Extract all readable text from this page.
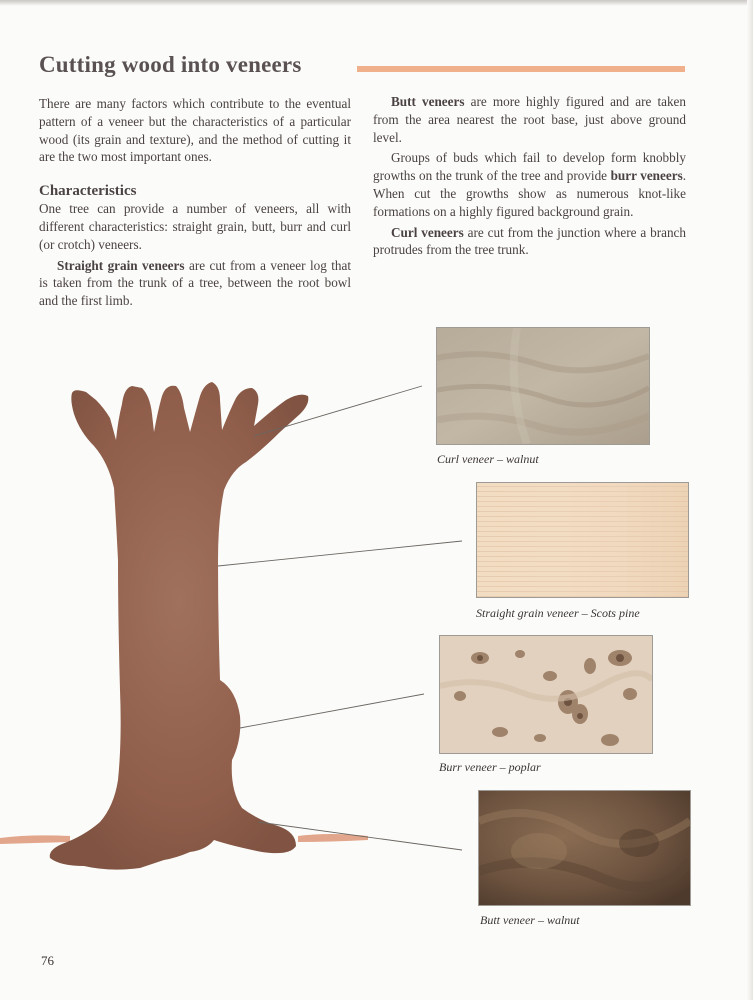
Cutting wood into veneers

There are many factors which contribute to the eventual pattern of a veneer but the characteristics of a particular wood (its grain and texture), and the method of cutting it are the two most important ones.

Characteristics

One tree can provide a number of veneers, all with different characteristics: straight grain, butt, burr and curl (or crotch) veneers.

Straight grain veneers are cut from a veneer log that is taken from the trunk of a tree, between the root bowl and the first limb.

Butt veneers are more highly figured and are taken from the area nearest the root base, just above ground level.

Groups of buds which fail to develop form knobbly growths on the trunk of the tree and provide burr veneers. When cut the growths show as numerous knot-like formations on a highly figured background grain.

Curl veneers are cut from the junction where a branch protrudes from the tree trunk.

Curl veneer – walnut
Straight grain veneer – Scots pine
Burr veneer – poplar
Butt veneer – walnut
76
